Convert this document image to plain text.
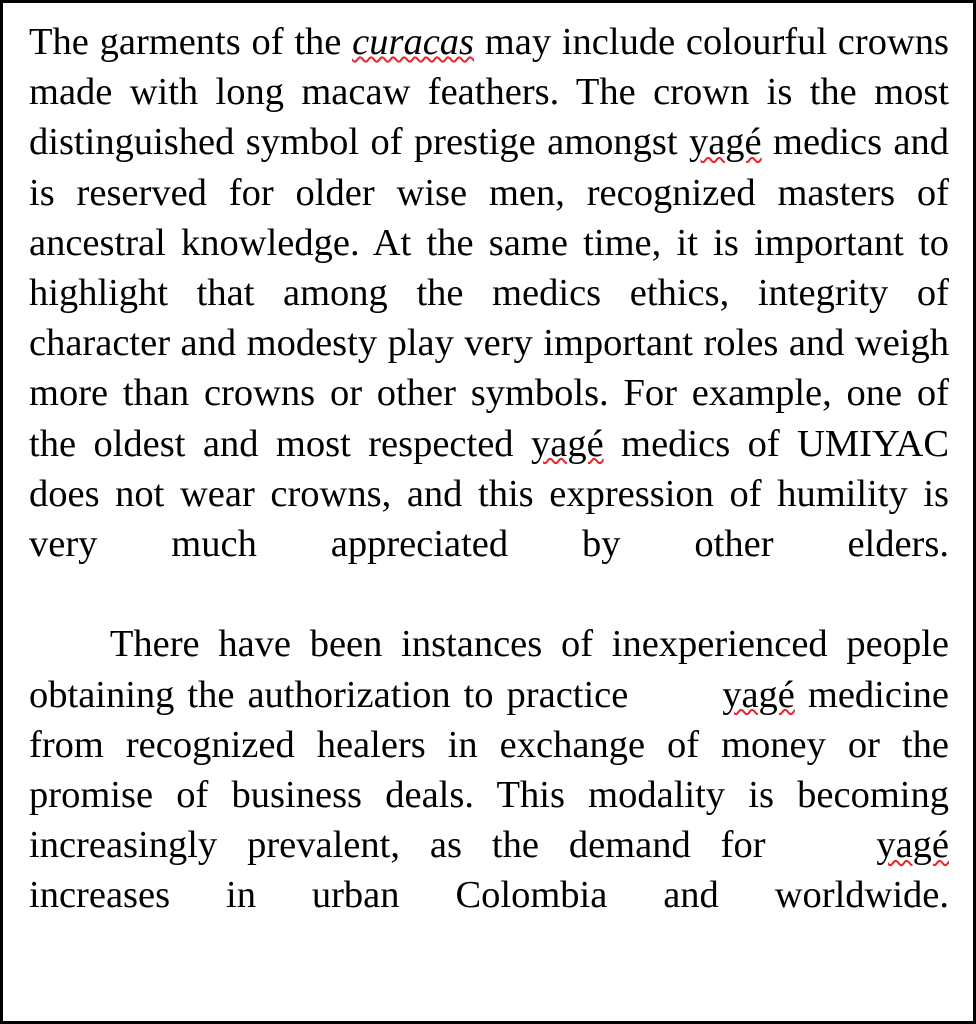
The garments of the curacas may include colourful crowns made with long macaw feathers. The crown is the most distinguished symbol of prestige amongst yagé medics and is reserved for older wise men, recognized masters of ancestral knowledge. At the same time, it is important to highlight that among the medics ethics, integrity of character and modesty play very important roles and weigh more than crowns or other symbols. For example, one of the oldest and most respected yagé medics of UMIYAC does not wear crowns, and this expression of humility is very much appreciated by other elders.

There have been instances of inexperienced people obtaining the authorization to practice yagé medicine from recognized healers in exchange of money or the promise of business deals. This modality is becoming increasingly prevalent, as the demand for yagé increases in urban Colombia and worldwide.
